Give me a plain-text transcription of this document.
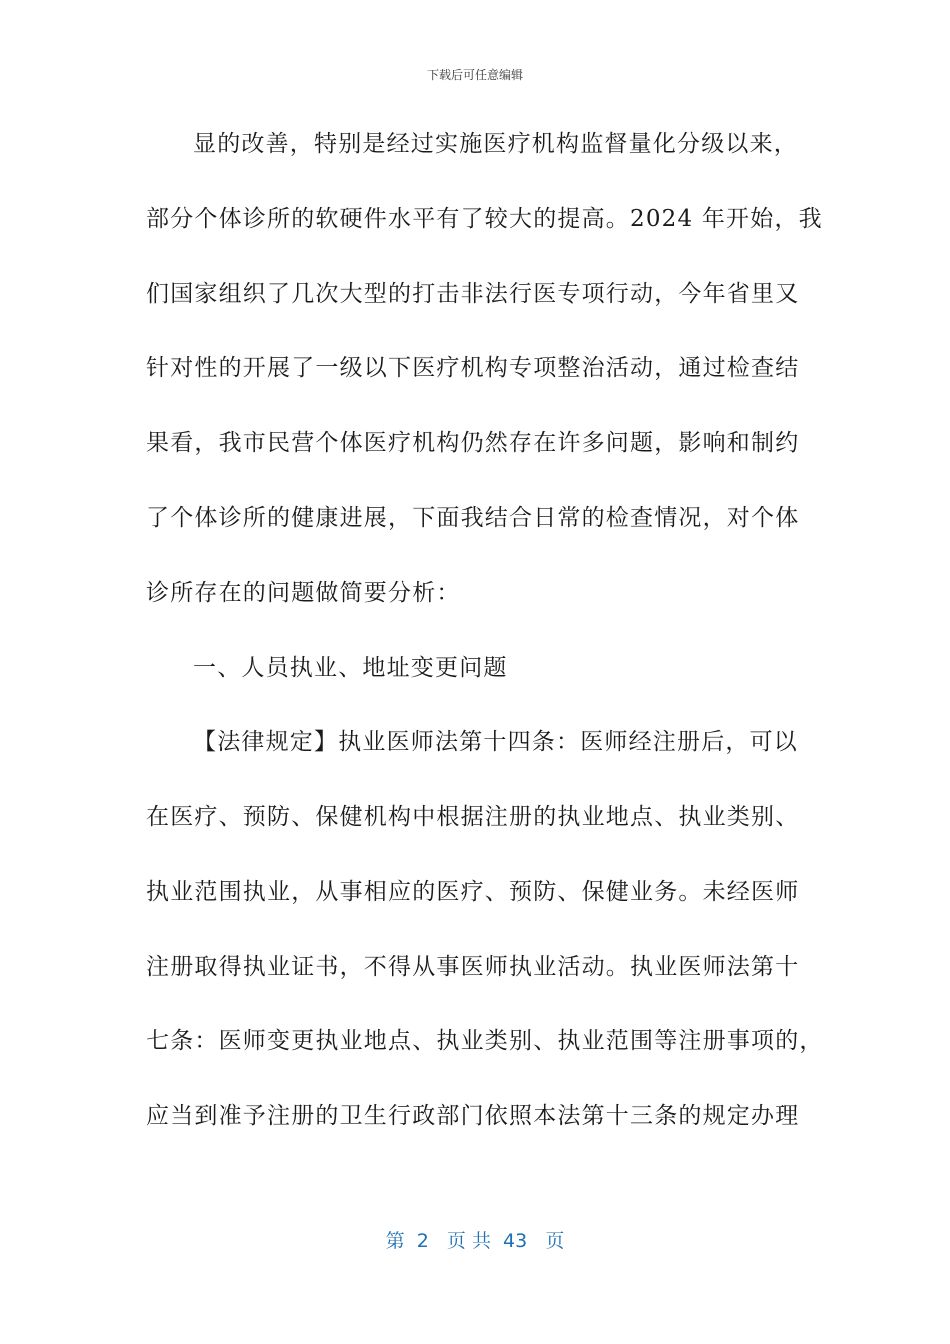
下载后可任意编辑
显的改善，特别是经过实施医疗机构监督量化分级以来，
部分个体诊所的软硬件水平有了较大的提高。2024 年开始，我
们国家组织了几次大型的打击非法行医专项行动，今年省里又
针对性的开展了一级以下医疗机构专项整治活动，通过检查结
果看，我市民营个体医疗机构仍然存在许多问题，影响和制约
了个体诊所的健康进展，下面我结合日常的检查情况，对个体
诊所存在的问题做简要分析：
一、人员执业、地址变更问题
【法律规定】执业医师法第十四条：医师经注册后，可以
在医疗、预防、保健机构中根据注册的执业地点、执业类别、
执业范围执业，从事相应的医疗、预防、保健业务。未经医师
注册取得执业证书，不得从事医师执业活动。执业医师法第十
七条：医师变更执业地点、执业类别、执业范围等注册事项的，
应当到准予注册的卫生行政部门依照本法第十三条的规定办理
第  2   页 共  43   页
